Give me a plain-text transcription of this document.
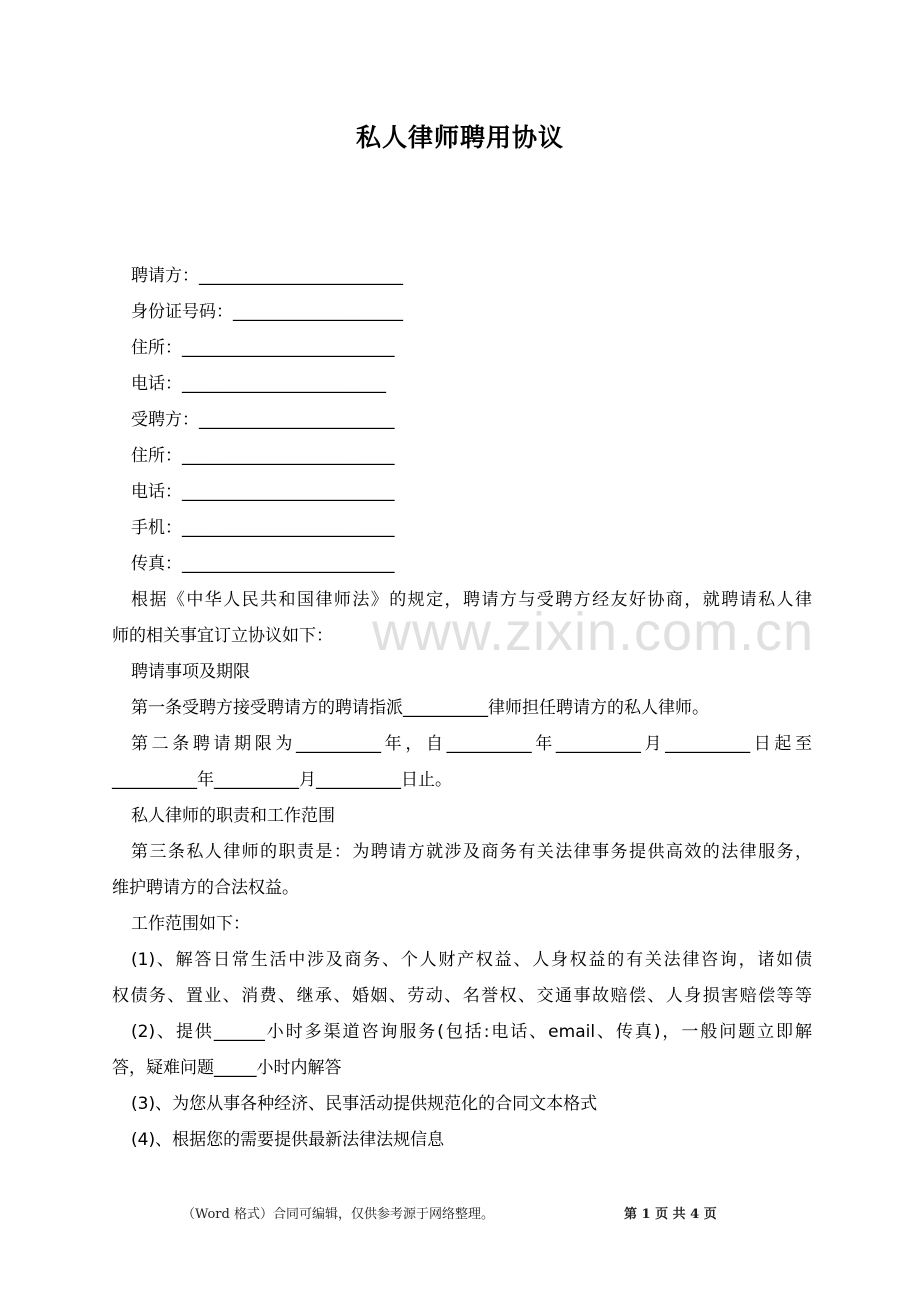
私人律师聘用协议
www.zixin.com.cn
聘请方：________________________
身份证号码：____________________
住所：_________________________
电话：________________________
受聘方：_______________________
住所：_________________________
电话：_________________________
手机：_________________________
传真：_________________________
根据《中华人民共和国律师法》的规定，聘请方与受聘方经友好协商，就聘请私人律
师的相关事宜订立协议如下：
聘请事项及期限
第一条受聘方接受聘请方的聘请指派__________律师担任聘请方的私人律师。
第二条聘请期限为__________年，自__________年__________月__________日起至
__________年__________月__________日止。
私人律师的职责和工作范围
第三条私人律师的职责是：为聘请方就涉及商务有关法律事务提供高效的法律服务，
维护聘请方的合法权益。
工作范围如下：
(1)、解答日常生活中涉及商务、个人财产权益、人身权益的有关法律咨询，诸如债
权债务、置业、消费、继承、婚姻、劳动、名誉权、交通事故赔偿、人身损害赔偿等等
(2)、提供______小时多渠道咨询服务(包括:电话、email、传真)，一般问题立即解
答，疑难问题_____小时内解答
(3)、为您从事各种经济、民事活动提供规范化的合同文本格式
(4)、根据您的需要提供最新法律法规信息
（Word 格式）合同可编辑，仅供参考源于网络整理。	第 1 页 共 4 页
